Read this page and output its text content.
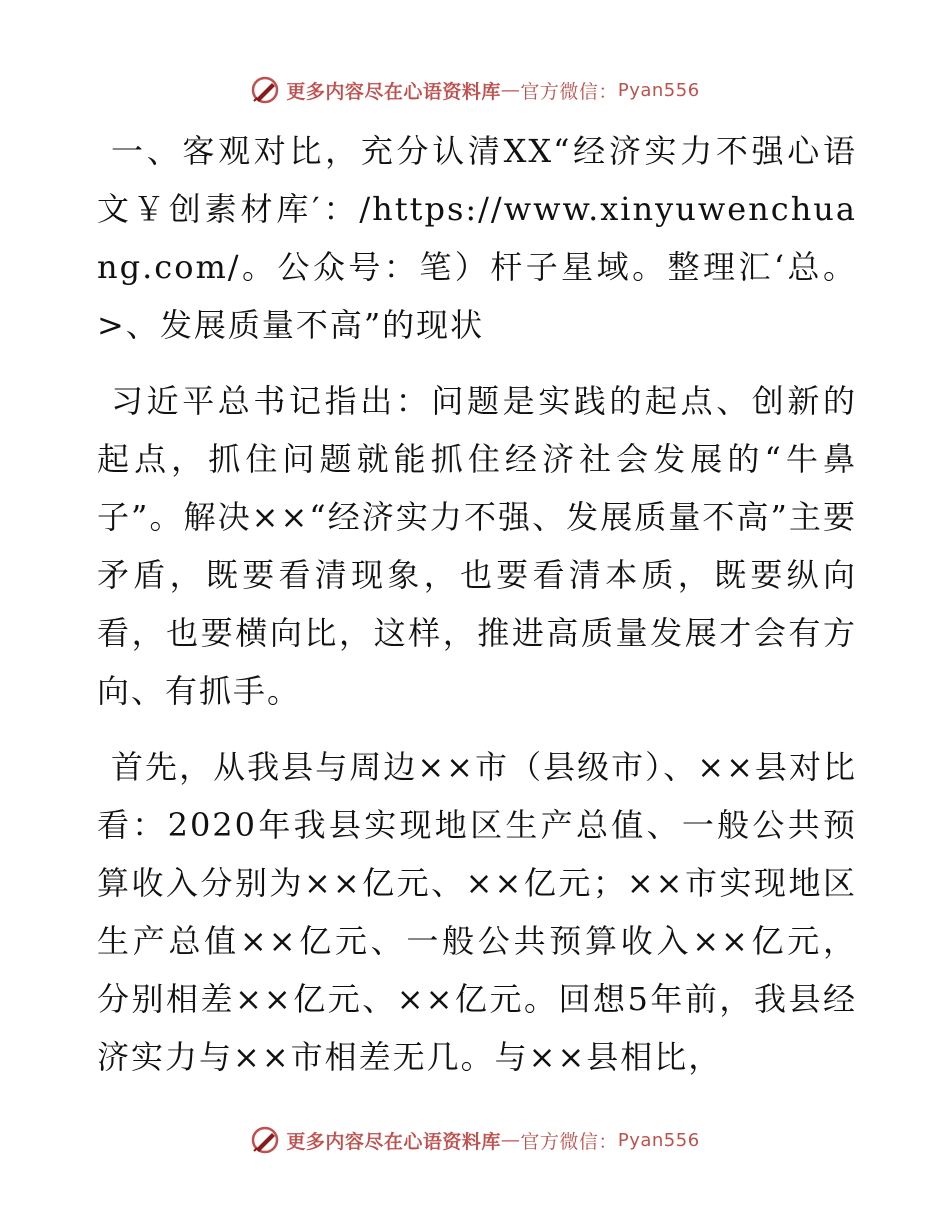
更多内容尽在心语资料库 — 官方微信： Pyan556

一、客观对比，充分认清XX“经济实力不强心语文￥创素材库′：/https://www.xinyuwenchuang.com/。公众号：笔）杆子星域。整理汇‘总。>、发展质量不高”的现状

习近平总书记指出：问题是实践的起点、创新的起点，抓住问题就能抓住经济社会发展的“牛鼻子”。解决××“经济实力不强、发展质量不高”主要矛盾，既要看清现象，也要看清本质，既要纵向看，也要横向比，这样，推进高质量发展才会有方向、有抓手。

首先，从我县与周边××市（县级市）、××县对比看：2020年我县实现地区生产总值、一般公共预算收入分别为××亿元、××亿元；××市实现地区生产总值××亿元、一般公共预算收入××亿元，分别相差××亿元、××亿元。回想5年前，我县经济实力与××市相差无几。与××县相比，

更多内容尽在心语资料库 — 官方微信： Pyan556
